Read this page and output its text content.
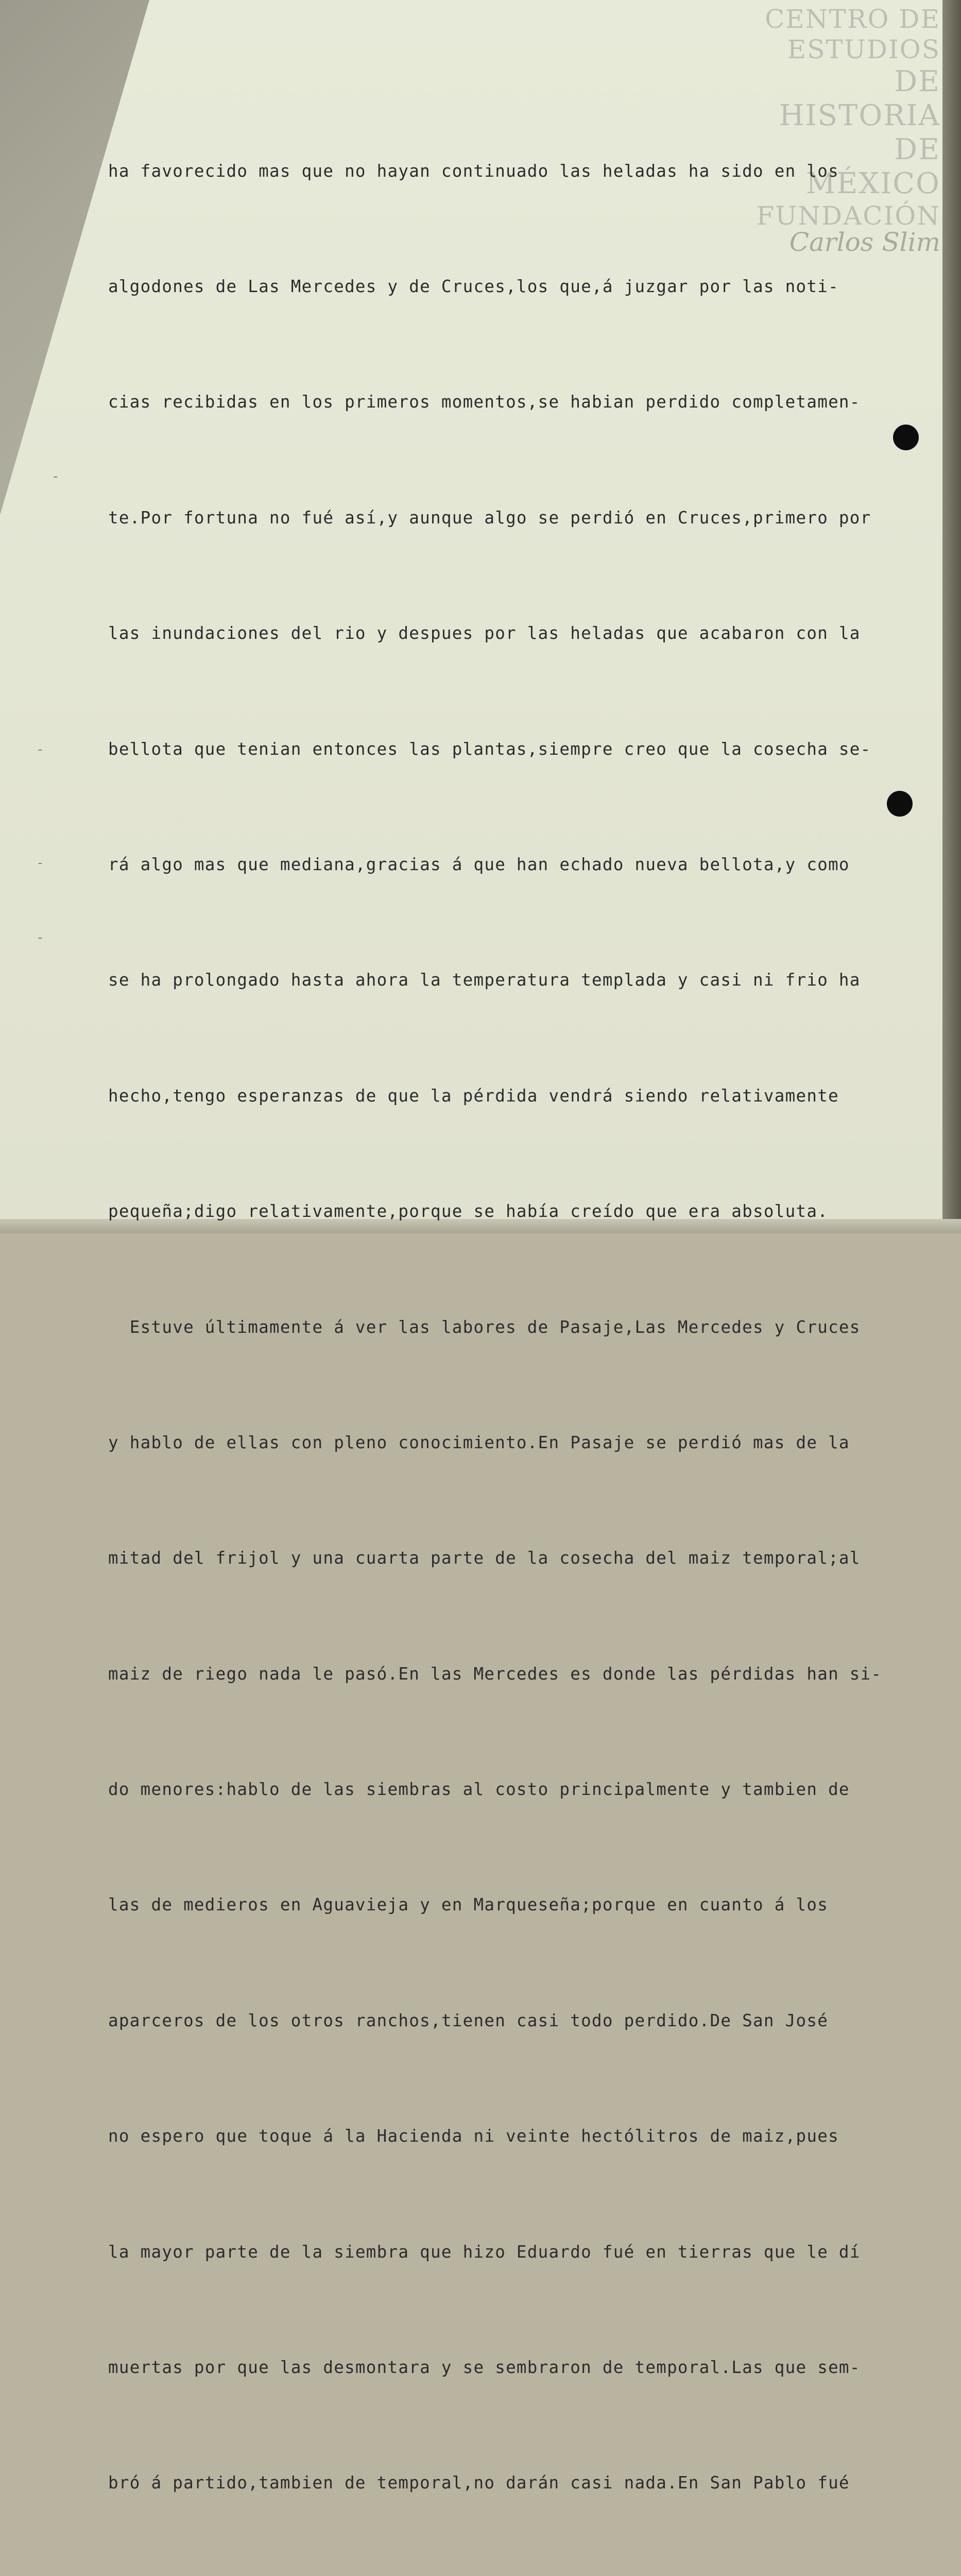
CENTRO DE
ESTUDIOS
DE HISTORIA
DE MÉXICO
FUNDACIÓN
Carlos Slim

ha favorecido mas que no hayan continuado las heladas ha sido en los

algodones de Las Mercedes y de Cruces,los que,á juzgar por las noti-

cias recibidas en los primeros momentos,se habian perdido completamen-

te.Por fortuna no fué así,y aunque algo se perdió en Cruces,primero por

las inundaciones del rio y despues por las heladas que acabaron con la

bellota que tenian entonces las plantas,siempre creo que la cosecha se-

rá algo mas que mediana,gracias á que han echado nueva bellota,y como

se ha prolongado hasta ahora la temperatura templada y casi ni frio ha

hecho,tengo esperanzas de que la pérdida vendrá siendo relativamente

pequeña;digo relativamente,porque se había creído que era absoluta.

Estuve últimamente á ver las labores de Pasaje,Las Mercedes y Cruces

y hablo de ellas con pleno conocimiento.En Pasaje se perdió mas de la

mitad del frijol y una cuarta parte de la cosecha del maiz temporal;al

maiz de riego nada le pasó.En las Mercedes es donde las pérdidas han si-

do menores:hablo de las siembras al costo principalmente y tambien de

las de medieros en Aguavieja y en Marqueseña;porque en cuanto á los

aparceros de los otros ranchos,tienen casi todo perdido.De San José

no espero que toque á la Hacienda ni veinte hectólitros de maiz,pues

la mayor parte de la siembra que hizo Eduardo fué en tierras que le dí

muertas por que las desmontara y se sembraron de temporal.Las que sem-

bró á partido,tambien de temporal,no darán casi nada.En San Pablo fué

-
-
-
-
